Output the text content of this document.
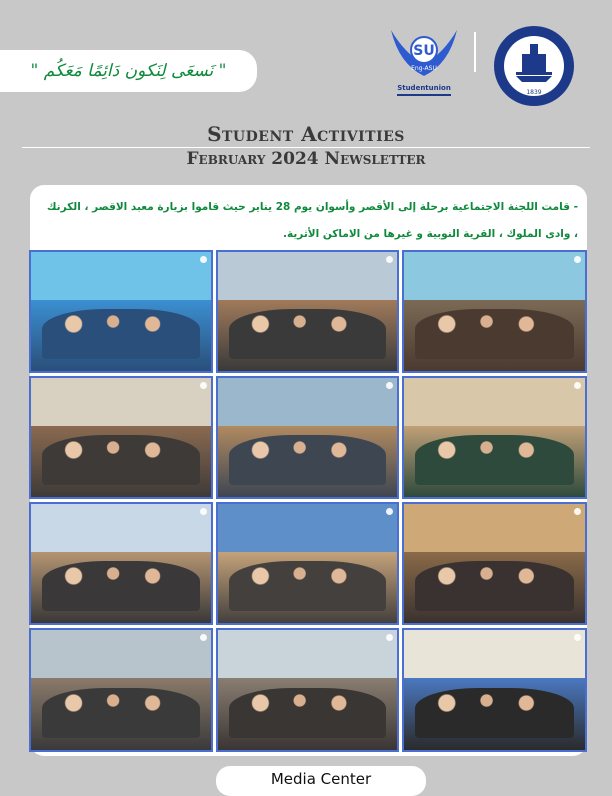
" نَسعَى لِنَكون دَائِمًا مَعَكُم "
SU
Eng-ASU
Studentunion
1839
Student Activities
February 2024 Newsletter
- قامت اللجنة الاجتماعية برحلة إلى الأقصر وأسوان يوم 28 يناير حيث قاموا بزيارة معبد الاقصر ، الكرنك ، وادى الملوك ، القرية النوبية و غيرها من الاماكن الأثرية.
Media Center
